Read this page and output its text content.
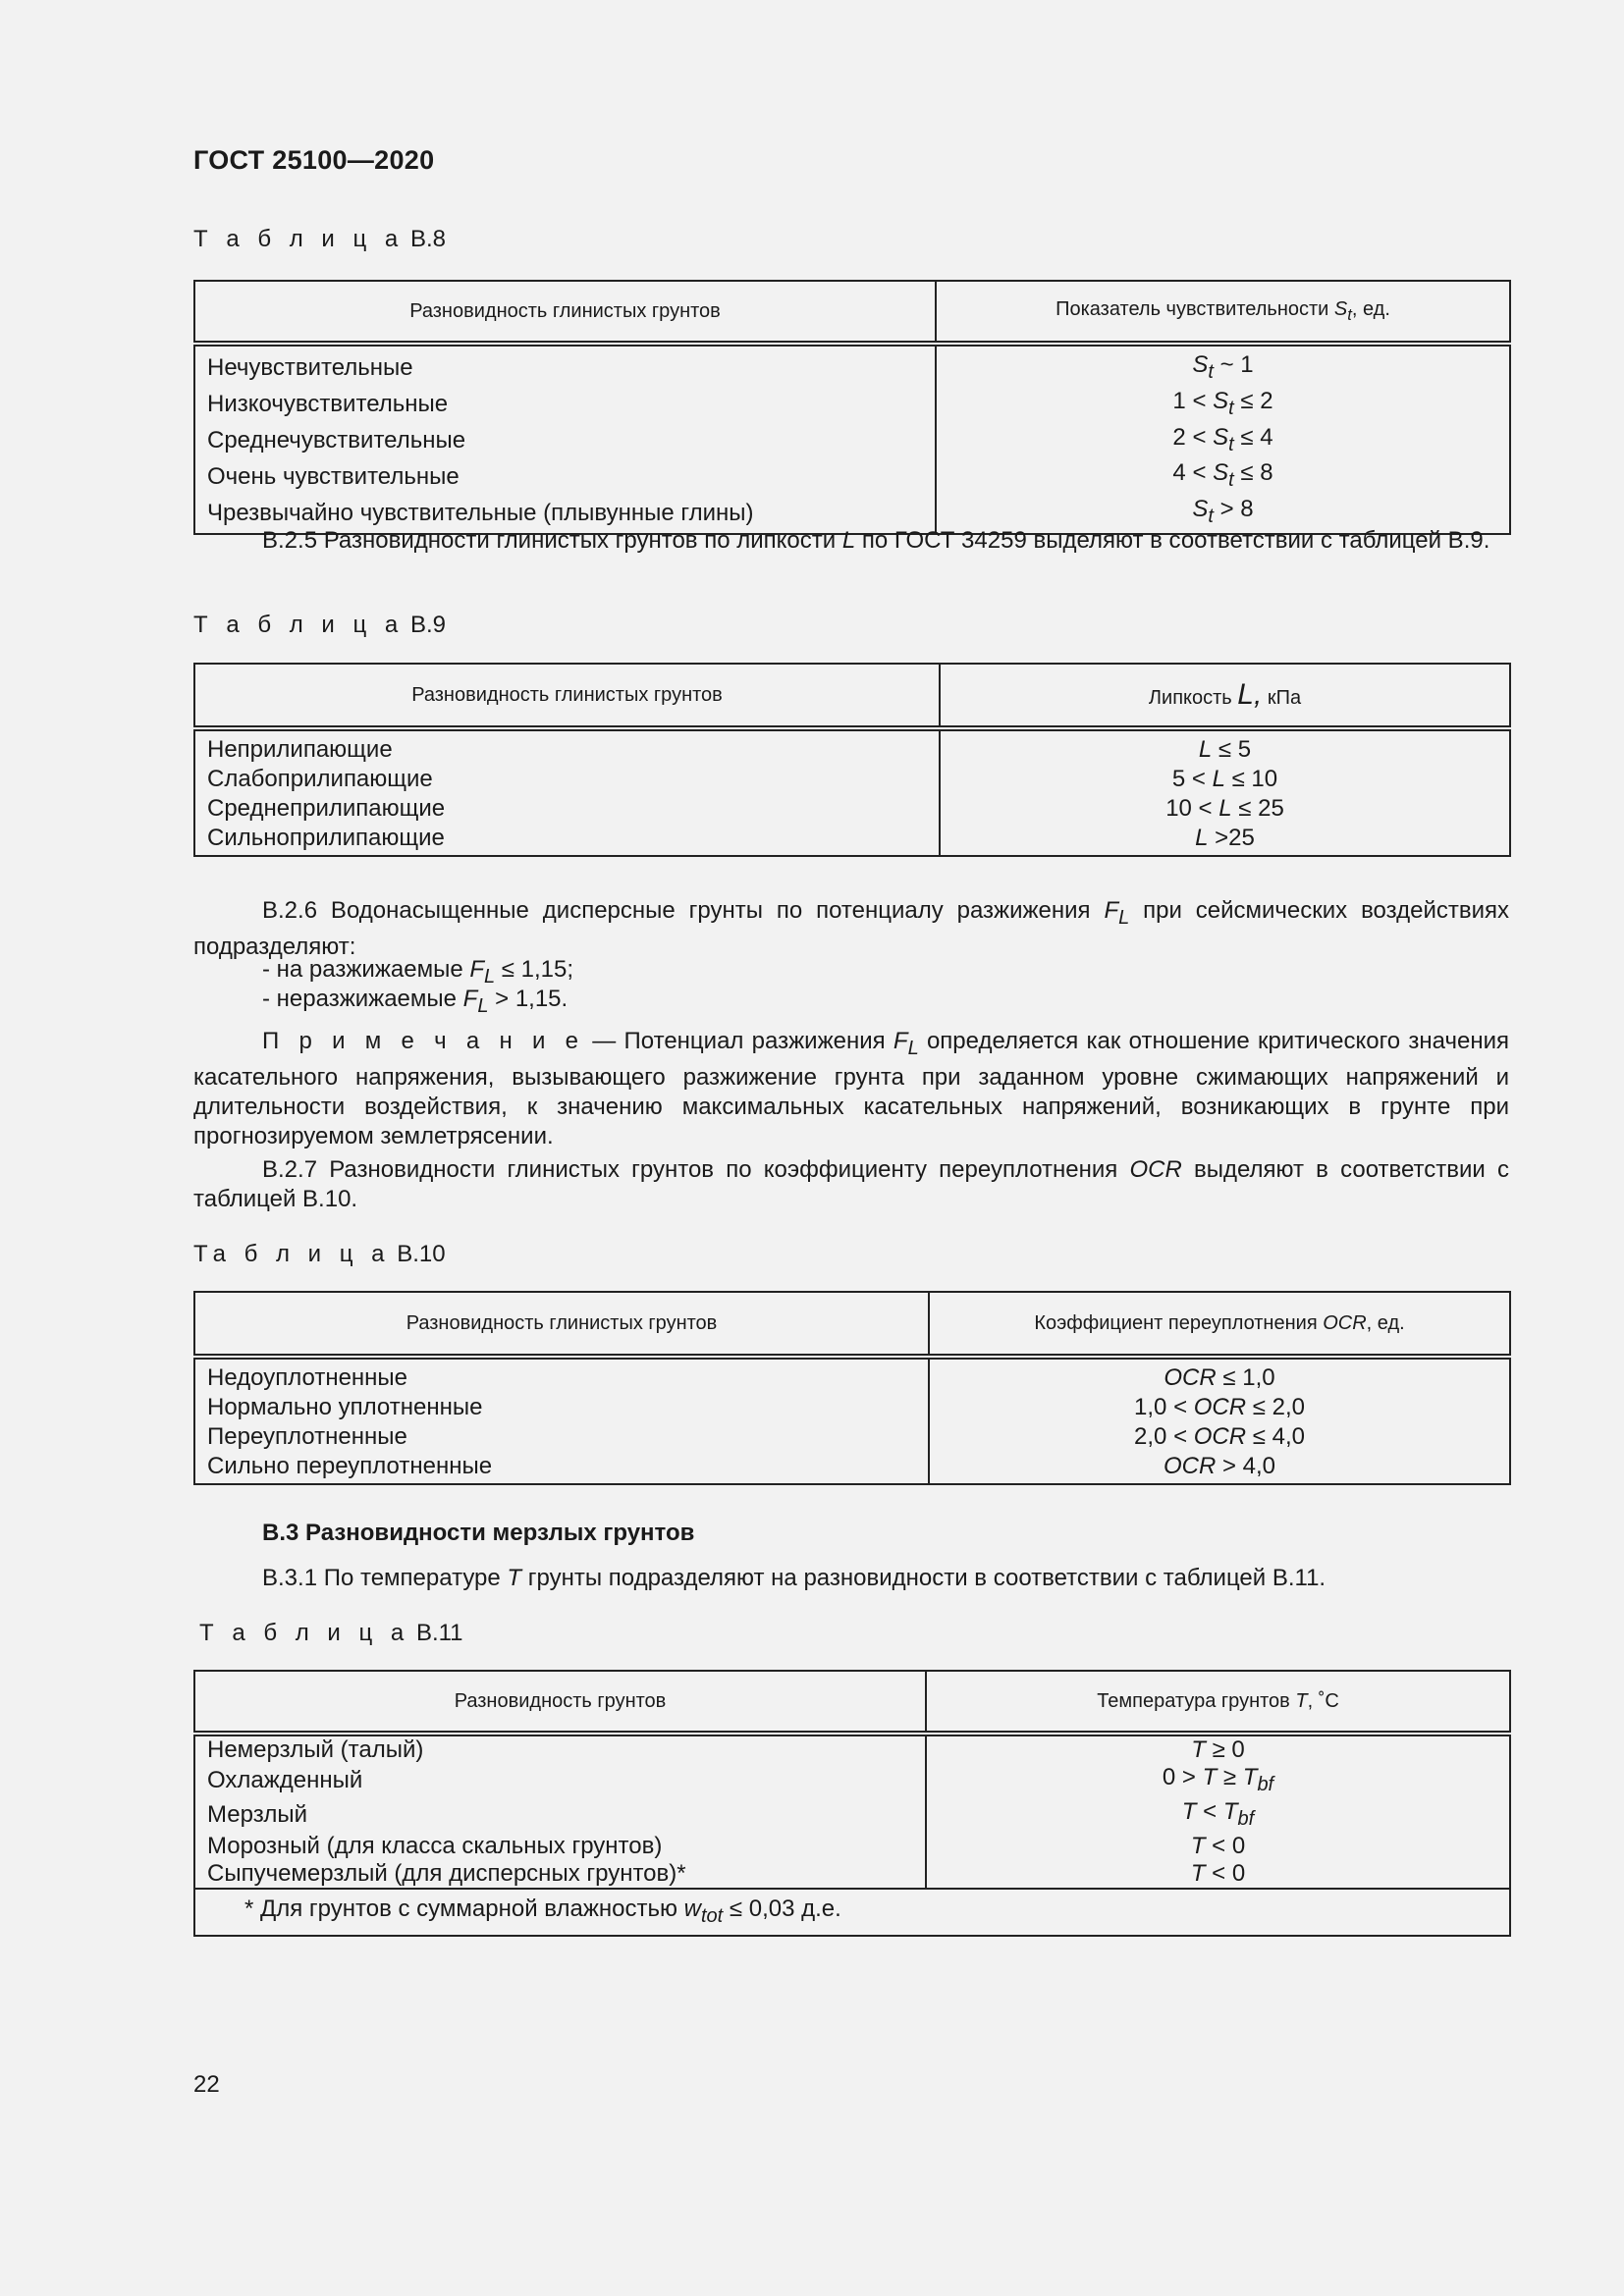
ГОСТ 25100—2020
Т а б л и ц а В.8
Разновидность глинистых грунтов	Показатель чувствительности $S_t$, ед.
Нечувствительные	$S_t$ ~ 1
Низкочувствительные	$1 < S_t \le 2$
Среднечувствительные	$2 < S_t \le 4$
Очень чувствительные	$4 < S_t \le 8$
Чрезвычайно чувствительные (плывунные глины)	$S_t > 8$
В.2.5 Разновидности глинистых грунтов по липкости L по ГОСТ 34259 выделяют в соответствии с таблицей В.9.
Т а б л и ц а В.9
Разновидность глинистых грунтов	Липкость L, кПа
Неприлипающие	L ≤ 5
Слабоприлипающие	5 < L ≤ 10
Среднеприлипающие	10 < L ≤ 25
Сильноприлипающие	L >25
В.2.6 Водонасыщенные дисперсные грунты по потенциалу разжижения $F_L$ при сейсмических воздействиях подразделяют:
- на разжижаемые $F_L \le 1,15$;
- неразжижаемые $F_L > 1,15$.
П р и м е ч а н и е — Потенциал разжижения $F_L$ определяется как отношение критического значения касательного напряжения, вызывающего разжижение грунта при заданном уровне сжимающих напряжений и длительности воздействия, к значению максимальных касательных напряжений, возникающих в грунте при прогнозируемом землетрясении.
В.2.7 Разновидности глинистых грунтов по коэффициенту переуплотнения OCR выделяют в соответствии с таблицей В.10.
Та б л и ц а В.10
Разновидность глинистых грунтов	Коэффициент переуплотнения OCR, ед.
Недоуплотненные	OCR ≤ 1,0
Нормально уплотненные	1,0 < OCR ≤ 2,0
Переуплотненные	2,0 < OCR ≤ 4,0
Сильно переуплотненные	OCR > 4,0
В.3 Разновидности мерзлых грунтов
В.3.1 По температуре T грунты подразделяют на разновидности в соответствии с таблицей В.11.
Т а б л и ц а В.11
Разновидность грунтов	Температура грунтов T, ˚С
Немерзлый (талый)	T ≥ 0
Охлажденный	$0 > T \ge T_{bf}$
Мерзлый	$T < T_{bf}$
Морозный (для класса скальных грунтов)	T < 0
Сыпучемерзлый (для дисперсных грунтов)*	T < 0
* Для грунтов с суммарной влажностью $w_{tot} \le 0,03$ д.е.	
22
